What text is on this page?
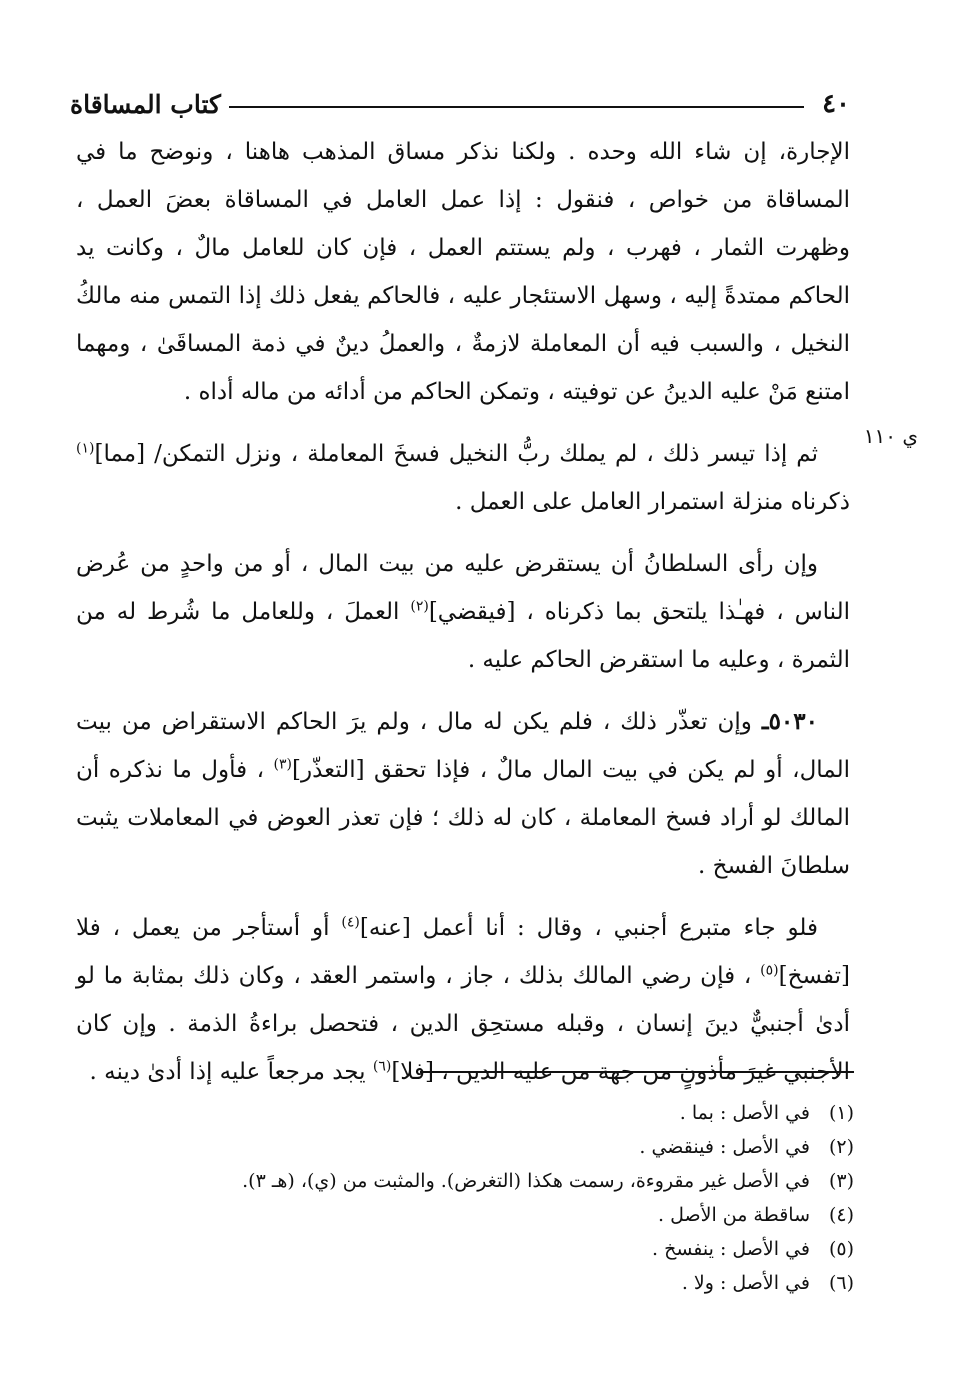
٤٠
كتاب المساقاة
ي ١١٠

الإجارة، إن شاء الله وحده . ولكنا نذكر مساق المذهب هاهنا ، ونوضح ما في المساقاة من خواص ، فنقول : إذا عمل العامل في المساقاة بعضَ العمل ، وظهرت الثمار ، فهرب ، ولم يستتم العمل ، فإن كان للعامل مالٌ ، وكانت يد الحاكم ممتدةً إليه ، وسهل الاستئجار عليه ، فالحاكم يفعل ذلك إذا التمس منه مالكُ النخيل ، والسبب فيه أن المعاملة لازمةٌ ، والعملُ دينٌ في ذمة المساقَىٰ ، ومهما امتنع مَنْ عليه الدينُ عن توفيته ، وتمكن الحاكم من أدائه من ماله أداه .

ثم إذا تيسر ذلك ، لم يملك ربُّ النخيل فسخَ المعاملة ، ونزل التمكن/ [مما]$^{(١)}$ ذكرناه منزلة استمرار العامل على العمل .

وإن رأى السلطانُ أن يستقرض عليه من بيت المال ، أو من واحدٍ من عُرض الناس ، فهـٰذا يلتحق بما ذكرناه ، [فيقضي]$^{(٢)}$ العملَ ، وللعامل ما شُرط له من الثمرة ، وعليه ما استقرض الحاكم عليه .

٥٠٣٠ـ وإن تعذّر ذلك ، فلم يكن له مال ، ولم يرَ الحاكم الاستقراض من بيت المال، أو لم يكن في بيت المال مالٌ ، فإذا تحقق [التعذّر]$^{(٣)}$ ، فأول ما نذكره أن المالك لو أراد فسخ المعاملة ، كان له ذلك ؛ فإن تعذر العوض في المعاملات يثبت سلطانَ الفسخ .

فلو جاء متبرع أجنبي ، وقال : أنا أعمل [عنه]$^{(٤)}$ أو أستأجر من يعمل ، فلا [تفسخ]$^{(٥)}$ ، فإن رضي المالك بذلك ، جاز ، واستمر العقد ، وكان ذلك بمثابة ما لو أدىٰ أجنبيٌّ دينَ إنسان ، وقبله مستحِق الدين ، فتحصل براءةُ الذمة . وإن كان الأجنبي غيرَ مأذونٍ من جهة من عليه الدين ، [فلا]$^{(٦)}$ يجد مرجعاً عليه إذا أدىٰ دينه .

(١)
في الأصل : بما .
(٢)
في الأصل : فينقضي .
(٣)
في الأصل غير مقروءة، رسمت هكذا (التغرض). والمثبت من (ي)، (هـ ٣).
(٤)
ساقطة من الأصل .
(٥)
في الأصل : ينفسخ .
(٦)
في الأصل : ولا .
